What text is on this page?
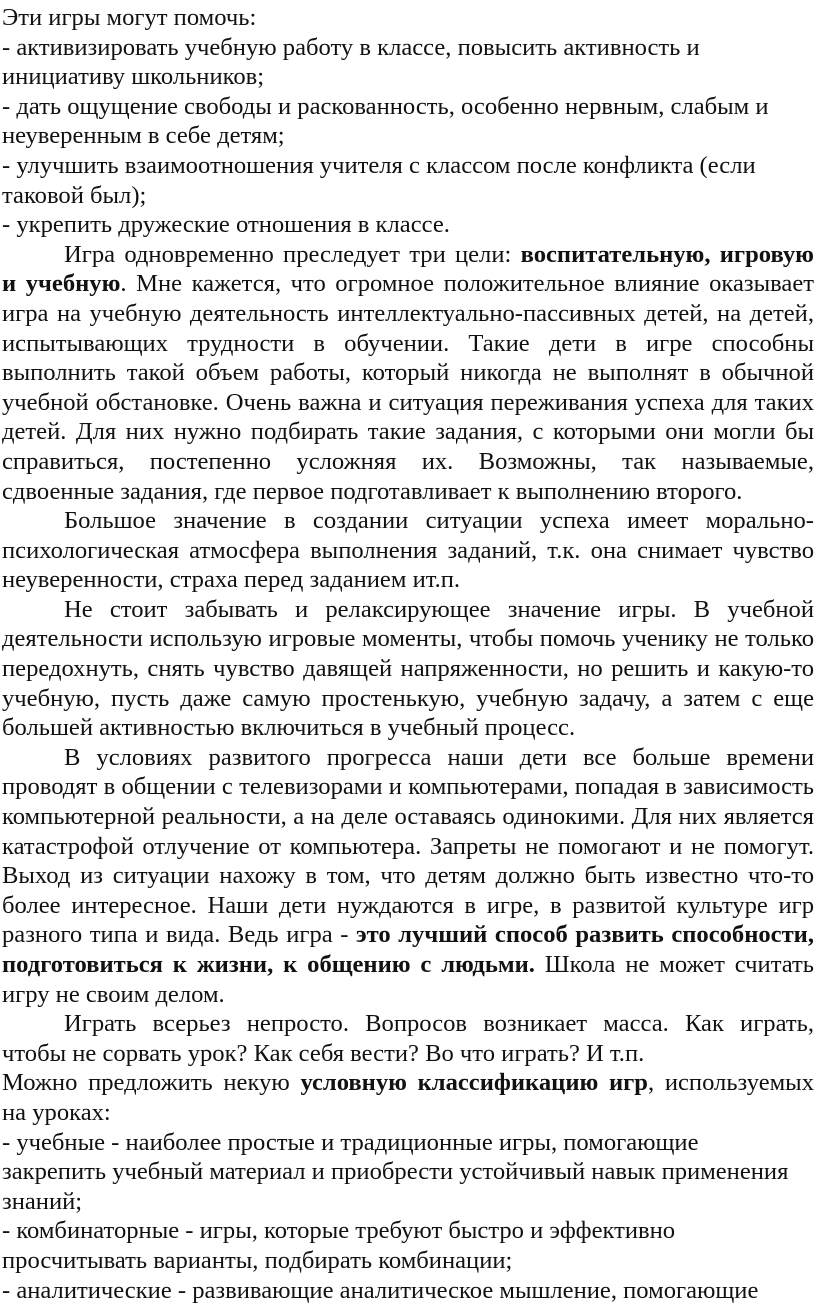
Эти игры могут помочь:
- активизировать учебную работу в классе, повысить активность и инициативу школьников;
- дать ощущение свободы и раскованность, особенно нервным, слабым и неуверенным в себе детям;
- улучшить взаимоотношения учителя с классом после конфликта (если таковой был);
- укрепить дружеские отношения в классе.

Игра одновременно преследует три цели: воспитательную, игровую и учебную. Мне кажется, что огромное положительное влияние оказывает игра на учебную деятельность интеллектуально-пассивных детей, на детей, испытывающих трудности в обучении. Такие дети в игре способны выполнить такой объем работы, который никогда не выполнят в обычной учебной обстановке. Очень важна и ситуация переживания успеха для таких детей. Для них нужно подбирать такие задания, с которыми они могли бы справиться, постепенно усложняя их. Возможны, так называемые, сдвоенные задания, где первое подготавливает к выполнению второго.

Большое значение в создании ситуации успеха имеет морально-психологическая атмосфера выполнения заданий, т.к. она снимает чувство неуверенности, страха перед заданием ит.п.

Не стоит забывать и релаксирующее значение игры. В учебной деятельности использую игровые моменты, чтобы помочь ученику не только передохнуть, снять чувство давящей напряженности, но решить и какую-то учебную, пусть даже самую простенькую, учебную задачу, а затем с еще большей активностью включиться в учебный процесс.

В условиях развитого прогресса наши дети все больше времени проводят в общении с телевизорами и компьютерами, попадая в зависимость компьютерной реальности, а на деле оставаясь одинокими. Для них является катастрофой отлучение от компьютера. Запреты не помогают и не помогут. Выход из ситуации нахожу в том, что детям должно быть известно что-то более интересное. Наши дети нуждаются в игре, в развитой культуре игр разного типа и вида. Ведь игра - это лучший способ развить способности, подготовиться к жизни, к общению с людьми. Школа не может считать игру не своим делом.

Играть всерьез непросто. Вопросов возникает масса. Как играть, чтобы не сорвать урок? Как себя вести? Во что играть? И т.п.

Можно предложить некую условную классификацию игр, используемых на уроках:

- учебные - наиболее простые и традиционные игры, помогающие закрепить учебный материал и приобрести устойчивый навык применения знаний;
- комбинаторные - игры, которые требуют быстро и эффективно просчитывать варианты, подбирать комбинации;
- аналитические - развивающие аналитическое мышление, помогающие
